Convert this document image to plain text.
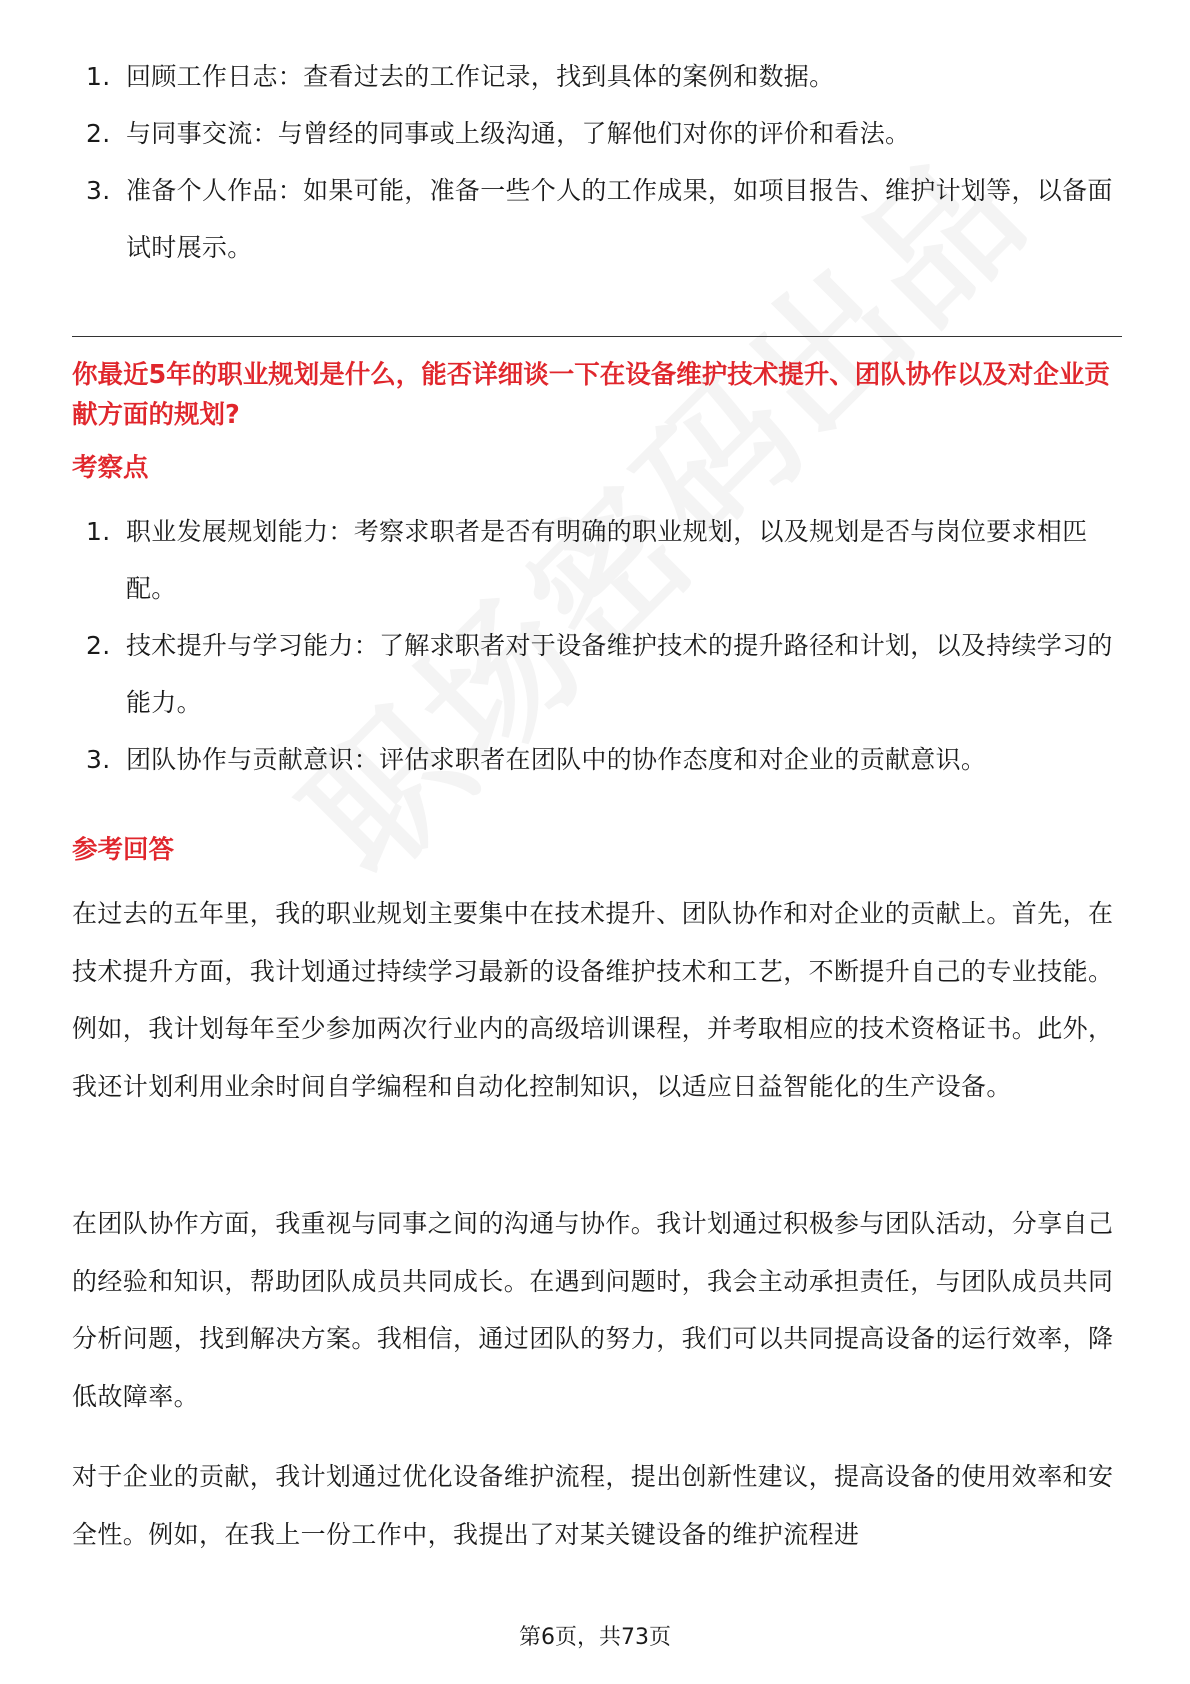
1. 回顾工作日志：查看过去的工作记录，找到具体的案例和数据。
2. 与同事交流：与曾经的同事或上级沟通，了解他们对你的评价和看法。
3. 准备个人作品：如果可能，准备一些个人的工作成果，如项目报告、维护计划等，以备面试时展示。
你最近5年的职业规划是什么，能否详细谈一下在设备维护技术提升、团队协作以及对企业贡献方面的规划?
考察点
1. 职业发展规划能力：考察求职者是否有明确的职业规划，以及规划是否与岗位要求相匹配。
2. 技术提升与学习能力：了解求职者对于设备维护技术的提升路径和计划，以及持续学习的能力。
3. 团队协作与贡献意识：评估求职者在团队中的协作态度和对企业的贡献意识。
参考回答

在过去的五年里，我的职业规划主要集中在技术提升、团队协作和对企业的贡献上。首先，在技术提升方面，我计划通过持续学习最新的设备维护技术和工艺，不断提升自己的专业技能。例如，我计划每年至少参加两次行业内的高级培训课程，并考取相应的技术资格证书。此外，我还计划利用业余时间自学编程和自动化控制知识，以适应日益智能化的生产设备。

在团队协作方面，我重视与同事之间的沟通与协作。我计划通过积极参与团队活动，分享自己的经验和知识，帮助团队成员共同成长。在遇到问题时，我会主动承担责任，与团队成员共同分析问题，找到解决方案。我相信，通过团队的努力，我们可以共同提高设备的运行效率，降低故障率。

对于企业的贡献，我计划通过优化设备维护流程，提出创新性建议，提高设备的使用效率和安全性。例如，在我上一份工作中，我提出了对某关键设备的维护流程进

第6页，共73页
